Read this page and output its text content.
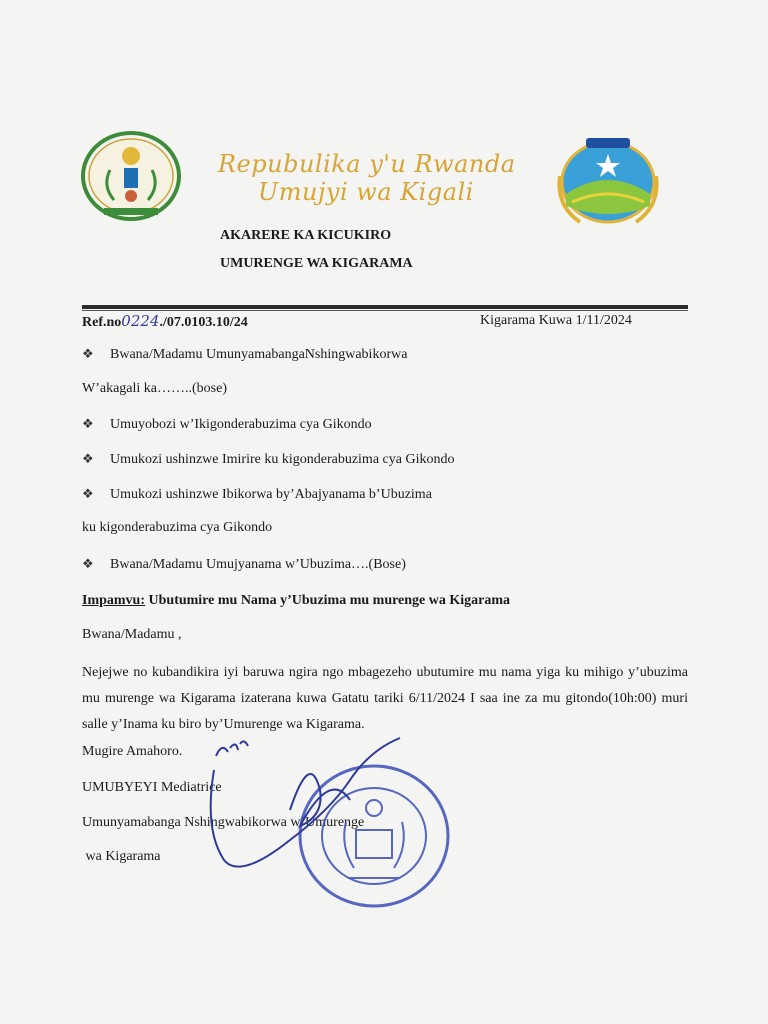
Repubulika y'u Rwanda
Umujyi wa Kigali
AKARERE KA KICUKIRO
UMURENGE WA KIGARAMA
Ref.no0224./07.0103.10/24	Kigarama Kuwa 1/11/2024
❖ Bwana/Madamu UmunyamabangaNshingwabikorwa
W’akagali ka……..(bose)
❖ Umuyobozi w’Ikigonderabuzima cya Gikondo
❖ Umukozi ushinzwe Imirire ku kigonderabuzima cya Gikondo
❖ Umukozi ushinzwe Ibikorwa by’Abajyanama b’Ubuzima
ku kigonderabuzima cya Gikondo
❖ Bwana/Madamu Umujyanama w’Ubuzima….(Bose)
Impamvu: Ubutumire mu Nama y’Ubuzima mu murenge wa Kigarama
Bwana/Madamu ,
Nejejwe no kubandikira iyi baruwa ngira ngo mbagezeho ubutumire mu nama yiga ku mihigo y’ubuzima mu murenge wa Kigarama izaterana kuwa Gatatu tariki 6/11/2024 I saa ine za mu gitondo(10h:00) muri salle y’Inama ku biro by’Umurenge wa Kigarama.
Mugire Amahoro.
UMUBYEYI Mediatrice
Umunyamabanga Nshingwabikorwa w’Umurenge
wa Kigarama
